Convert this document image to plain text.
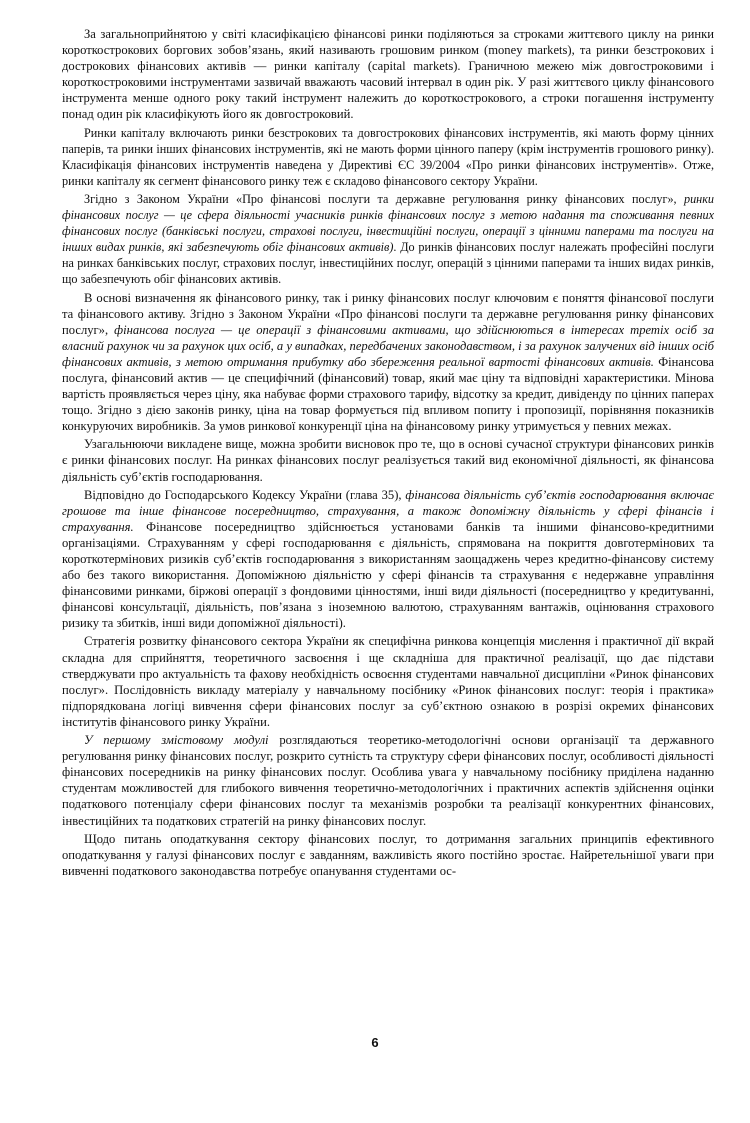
За загальноприйнятою у світі класифікацією фінансові ринки поділяються за строками життєвого циклу на ринки короткострокових боргових зобов’язань, який називають грошовим ринком (money markets), та ринки безстрокових і дострокових фінансових активів — ринки капіталу (capital markets). Граничною межею між довгостроковими і короткостроковими інструментами зазвичай вважають часовий інтервал в один рік. У разі життєвого циклу фінансового інструмента менше одного року такий інструмент належить до короткострокового, а строки погашення інструменту понад один рік класифікують його як довгостроковий.

Ринки капіталу включають ринки безстрокових та довгострокових фінансових інструментів, які мають форму цінних паперів, та ринки інших фінансових інструментів, які не мають форми цінного паперу (крім інструментів грошового ринку). Класифікація фінансових інструментів наведена у Директиві ЄС 39/2004 «Про ринки фінансових інструментів». Отже, ринки капіталу як сегмент фінансового ринку теж є складово фінансового сектору України.

Згідно з Законом України «Про фінансові послуги та державне регулювання ринку фінансових послуг», ринки фінансових послуг — це сфера діяльності учасників ринків фінансових послуг з метою надання та споживання певних фінансових послуг (банківські послуги, страхові послуги, інвестиційні послуги, операції з цінними паперами та послуги на інших видах ринків, які забезпечують обіг фінансових активів). До ринків фінансових послуг належать професійні послуги на ринках банківських послуг, страхових послуг, інвестиційних послуг, операцій з цінними паперами та інших видах ринків, що забезпечують обіг фінансових активів.

В основі визначення як фінансового ринку, так і ринку фінансових послуг ключовим є поняття фінансової послуги та фінансового активу. Згідно з Законом України «Про фінансові послуги та державне регулювання ринку фінансових послуг», фінансова послуга — це операції з фінансовими активами, що здійснюються в інтересах третіх осіб за власний рахунок чи за рахунок цих осіб, а у випадках, передбачених законодавством, і за рахунок залучених від інших осіб фінансових активів, з метою отримання прибутку або збереження реальної вартості фінансових активів. Фінансова послуга, фінансовий актив — це специфічний (фінансовий) товар, який має ціну та відповідні характеристики. Мінова вартість проявляється через ціну, яка набуває форми страхового тарифу, відсотку за кредит, дивіденду по цінних паперах тощо. Згідно з дією законів ринку, ціна на товар формується під впливом попиту і пропозиції, порівняння показників конкуруючих виробників. За умов ринкової конкуренції ціна на фінансовому ринку утримується у певних межах.

Узагальнюючи викладене вище, можна зробити висновок про те, що в основі сучасної структури фінансових ринків є ринки фінансових послуг. На ринках фінансових послуг реалізується такий вид економічної діяльності, як фінансова діяльність суб’єктів господарювання.

Відповідно до Господарського Кодексу України (глава 35), фінансова діяльність суб’єктів господарювання включає грошове та інше фінансове посередництво, страхування, а також допоміжну діяльність у сфері фінансів і страхування. Фінансове посередництво здійснюється установами банків та іншими фінансово-кредитними організаціями. Страхуванням у сфері господарювання є діяльність, спрямована на покриття довготермінових та короткотермінових ризиків суб’єктів господарювання з використанням заощаджень через кредитно-фінансову систему або без такого використання. Допоміжною діяльністю у сфері фінансів та страхування є недержавне управління фінансовими ринками, біржові операції з фондовими цінностями, інші види діяльності (посередництво у кредитуванні, фінансові консультації, діяльність, пов’язана з іноземною валютою, страхуванням вантажів, оцінювання страхового ризику та збитків, інші види допоміжної діяльності).

Стратегія розвитку фінансового сектора України як специфічна ринкова концепція мислення і практичної дії вкрай складна для сприйняття, теоретичного засвоєння і ще складніша для практичної реалізації, що дає підстави стверджувати про актуальність та фахову необхідність освоєння студентами навчальної дисципліни «Ринок фінансових послуг». Послідовність викладу матеріалу у навчальному посібнику «Ринок фінансових послуг: теорія і практика» підпорядкована логіці вивчення сфери фінансових послуг за суб’єктною ознакою в розрізі окремих фінансових інститутів фінансового ринку України.

У першому змістовому модулі розглядаються теоретико-методологічні основи організації та державного регулювання ринку фінансових послуг, розкрито сутність та структуру сфери фінансових послуг, особливості діяльності фінансових посередників на ринку фінансових послуг. Особлива увага у навчальному посібнику приділена наданню студентам можливостей для глибокого вивчення теоретично-методологічних і практичних аспектів здійснення оцінки податкового потенціалу сфери фінансових послуг та механізмів розробки та реалізації конкурентних фінансових, інвестиційних та податкових стратегій на ринку фінансових послуг.

Щодо питань оподаткування сектору фінансових послуг, то дотримання загальних принципів ефективного оподаткування у галузі фінансових послуг є завданням, важливість якого постійно зростає. Найретельнішої уваги при вивченні податкового законодавства потребує опанування студентами ос-

6
